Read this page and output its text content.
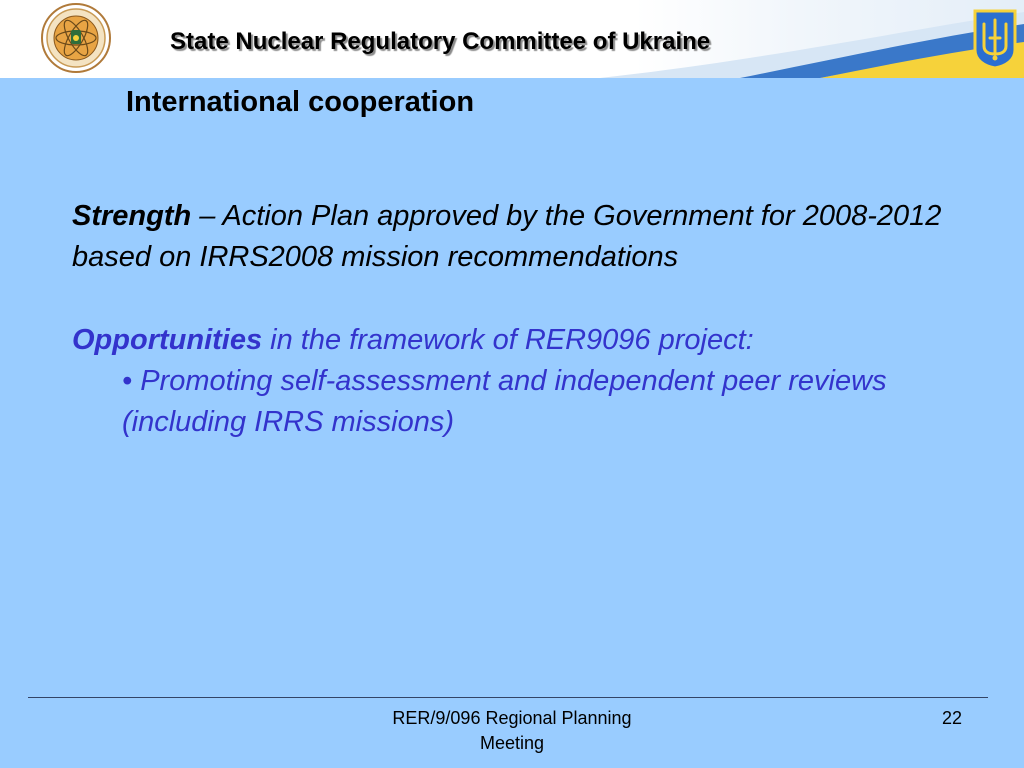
State Nuclear Regulatory Committee of Ukraine
International cooperation
Strength – Action Plan approved by the Government for 2008-2012 based on IRRS2008 mission recommendations
Opportunities in the framework of RER9096 project:
• Promoting self-assessment and independent peer reviews (including IRRS missions)
RER/9/096 Regional Planning Meeting
22
